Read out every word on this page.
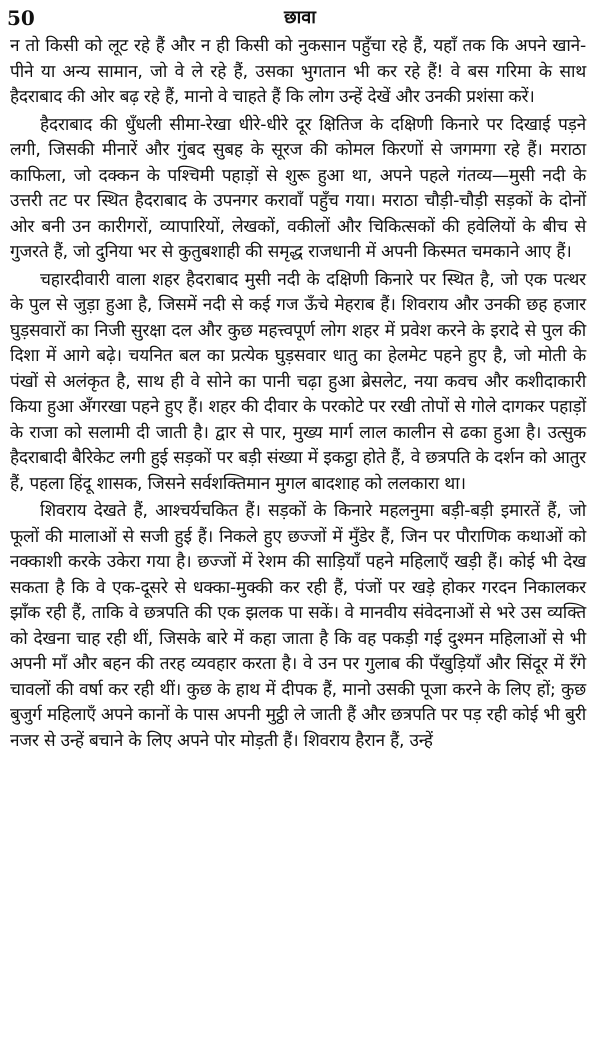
50	छावा

न तो किसी को लूट रहे हैं और न ही किसी को नुकसान पहुँचा रहे हैं, यहाँ तक कि अपने खाने-पीने या अन्य सामान, जो वे ले रहे हैं, उसका भुगतान भी कर रहे हैं! वे बस गरिमा के साथ हैदराबाद की ओर बढ़ रहे हैं, मानो वे चाहते हैं कि लोग उन्हें देखें और उनकी प्रशंसा करें।

हैदराबाद की धुँधली सीमा-रेखा धीरे-धीरे दूर क्षितिज के दक्षिणी किनारे पर दिखाई पड़ने लगी, जिसकी मीनारें और गुंबद सुबह के सूरज की कोमल किरणों से जगमगा रहे हैं। मराठा काफिला, जो दक्कन के पश्चिमी पहाड़ों से शुरू हुआ था, अपने पहले गंतव्य—मुसी नदी के उत्तरी तट पर स्थित हैदराबाद के उपनगर करावाँ पहुँच गया। मराठा चौड़ी-चौड़ी सड़कों के दोनों ओर बनी उन कारीगरों, व्यापारियों, लेखकों, वकीलों और चिकित्सकों की हवेलियों के बीच से गुजरते हैं, जो दुनिया भर से कुतुबशाही की समृद्ध राजधानी में अपनी किस्मत चमकाने आए हैं।

चहारदीवारी वाला शहर हैदराबाद मुसी नदी के दक्षिणी किनारे पर स्थित है, जो एक पत्थर के पुल से जुड़ा हुआ है, जिसमें नदी से कई गज ऊँचे मेहराब हैं। शिवराय और उनकी छह हजार घुड़सवारों का निजी सुरक्षा दल और कुछ महत्त्वपूर्ण लोग शहर में प्रवेश करने के इरादे से पुल की दिशा में आगे बढ़े। चयनित बल का प्रत्येक घुड़सवार धातु का हेलमेट पहने हुए है, जो मोती के पंखों से अलंकृत है, साथ ही वे सोने का पानी चढ़ा हुआ ब्रेसलेट, नया कवच और कशीदाकारी किया हुआ अँगरखा पहने हुए हैं। शहर की दीवार के परकोटे पर रखी तोपों से गोले दागकर पहाड़ों के राजा को सलामी दी जाती है। द्वार से पार, मुख्य मार्ग लाल कालीन से ढका हुआ है। उत्सुक हैदराबादी बैरिकेट लगी हुई सड़कों पर बड़ी संख्या में इकट्ठा होते हैं, वे छत्रपति के दर्शन को आतुर हैं, पहला हिंदू शासक, जिसने सर्वशक्तिमान मुगल बादशाह को ललकारा था।

शिवराय देखते हैं, आश्चर्यचकित हैं। सड़कों के किनारे महलनुमा बड़ी-बड़ी इमारतें हैं, जो फूलों की मालाओं से सजी हुई हैं। निकले हुए छज्जों में मुँडेर हैं, जिन पर पौराणिक कथाओं को नक्काशी करके उकेरा गया है। छज्जों में रेशम की साड़ियाँ पहने महिलाएँ खड़ी हैं। कोई भी देख सकता है कि वे एक-दूसरे से धक्का-मुक्की कर रही हैं, पंजों पर खड़े होकर गरदन निकालकर झाँक रही हैं, ताकि वे छत्रपति की एक झलक पा सकें। वे मानवीय संवेदनाओं से भरे उस व्यक्ति को देखना चाह रही थीं, जिसके बारे में कहा जाता है कि वह पकड़ी गई दुश्मन महिलाओं से भी अपनी माँ और बहन की तरह व्यवहार करता है। वे उन पर गुलाब की पँखुड़ियाँ और सिंदूर में रँगे चावलों की वर्षा कर रही थीं। कुछ के हाथ में दीपक हैं, मानो उसकी पूजा करने के लिए हों; कुछ बुजुर्ग महिलाएँ अपने कानों के पास अपनी मुट्ठी ले जाती हैं और छत्रपति पर पड़ रही कोई भी बुरी नजर से उन्हें बचाने के लिए अपने पोर मोड़ती हैं। शिवराय हैरान हैं, उन्हें
